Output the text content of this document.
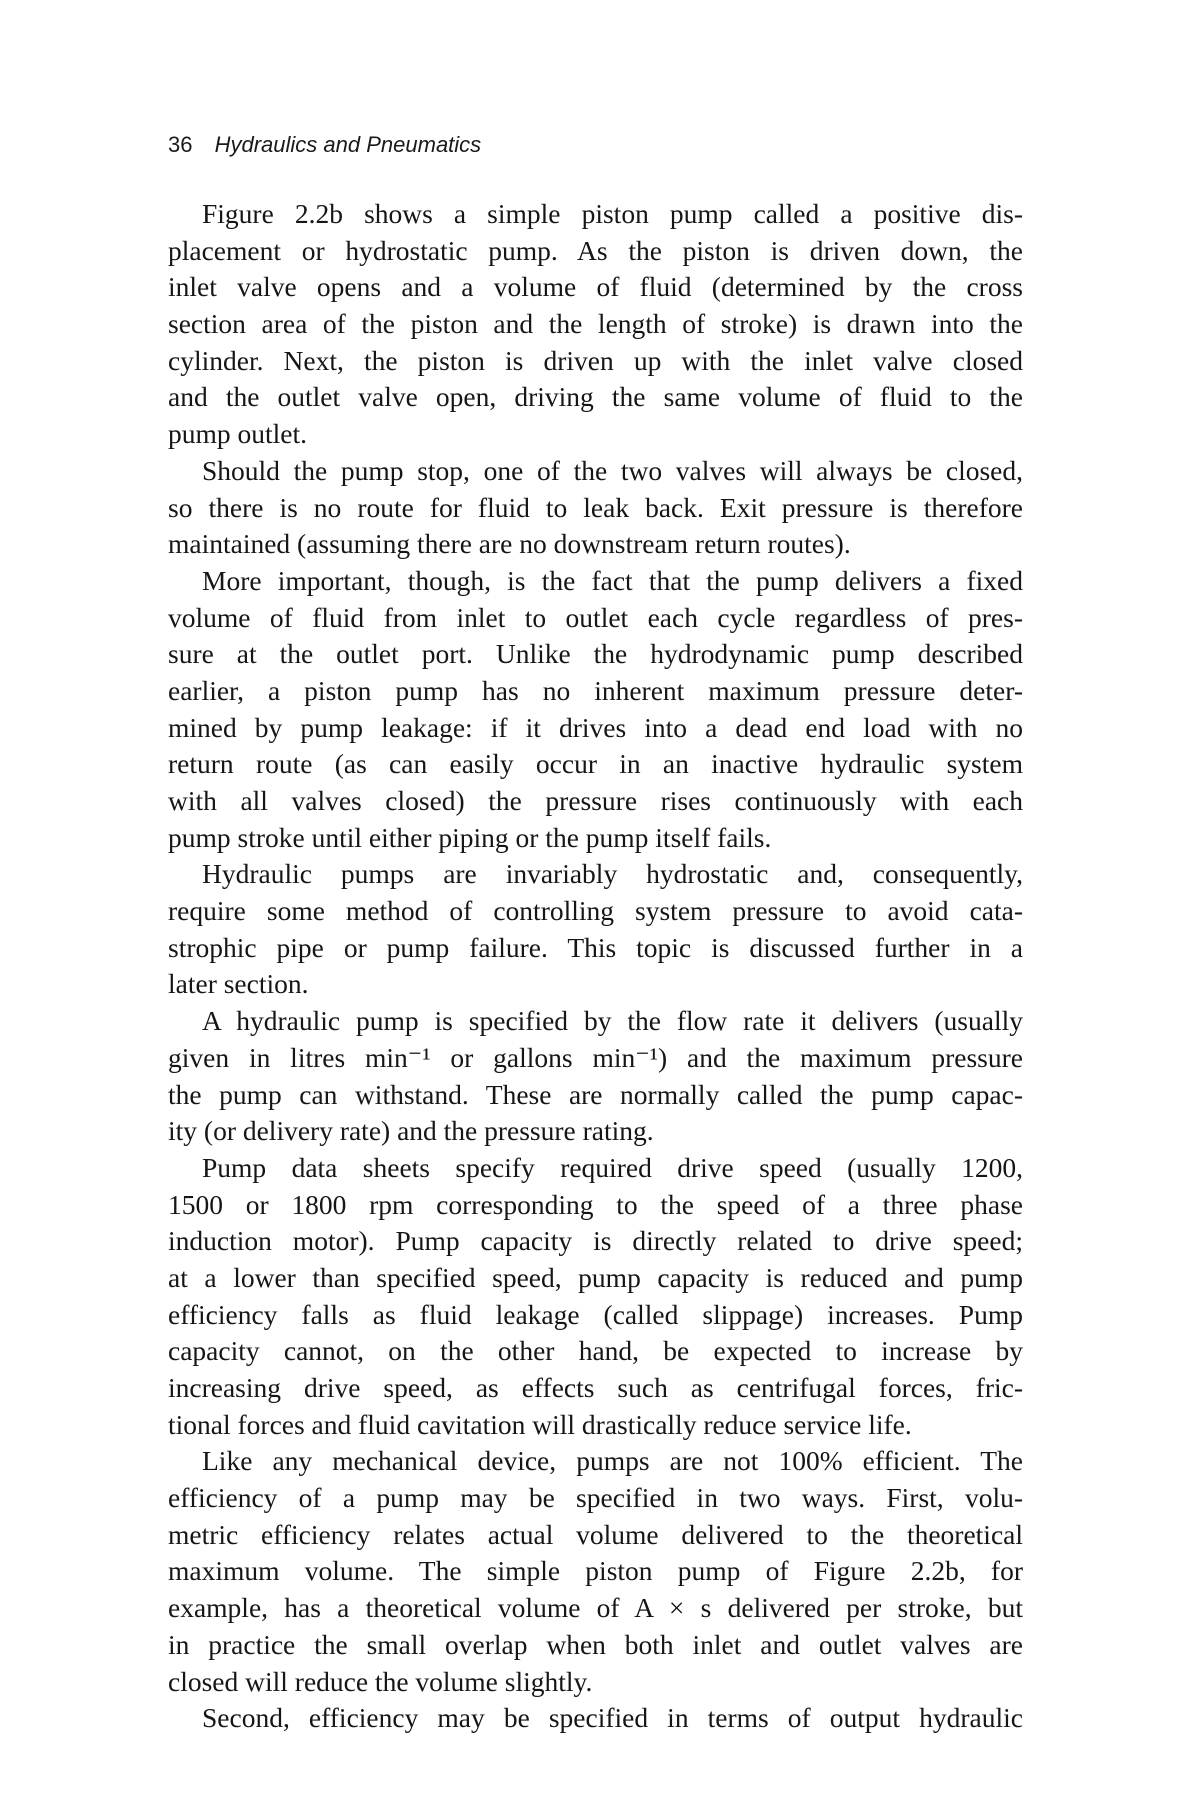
36 Hydraulics and Pneumatics
Figure 2.2b shows a simple piston pump called a positive dis-
placement or hydrostatic pump. As the piston is driven down, the
inlet valve opens and a volume of fluid (determined by the cross
section area of the piston and the length of stroke) is drawn into the
cylinder. Next, the piston is driven up with the inlet valve closed
and the outlet valve open, driving the same volume of fluid to the
pump outlet.
Should the pump stop, one of the two valves will always be closed,
so there is no route for fluid to leak back. Exit pressure is therefore
maintained (assuming there are no downstream return routes).
More important, though, is the fact that the pump delivers a fixed
volume of fluid from inlet to outlet each cycle regardless of pres-
sure at the outlet port. Unlike the hydrodynamic pump described
earlier, a piston pump has no inherent maximum pressure deter-
mined by pump leakage: if it drives into a dead end load with no
return route (as can easily occur in an inactive hydraulic system
with all valves closed) the pressure rises continuously with each
pump stroke until either piping or the pump itself fails.
Hydraulic pumps are invariably hydrostatic and, consequently,
require some method of controlling system pressure to avoid cata-
strophic pipe or pump failure. This topic is discussed further in a
later section.
A hydraulic pump is specified by the flow rate it delivers (usually
given in litres min⁻¹ or gallons min⁻¹) and the maximum pressure
the pump can withstand. These are normally called the pump capac-
ity (or delivery rate) and the pressure rating.
Pump data sheets specify required drive speed (usually 1200,
1500 or 1800 rpm corresponding to the speed of a three phase
induction motor). Pump capacity is directly related to drive speed;
at a lower than specified speed, pump capacity is reduced and pump
efficiency falls as fluid leakage (called slippage) increases. Pump
capacity cannot, on the other hand, be expected to increase by
increasing drive speed, as effects such as centrifugal forces, fric-
tional forces and fluid cavitation will drastically reduce service life.
Like any mechanical device, pumps are not 100% efficient. The
efficiency of a pump may be specified in two ways. First, volu-
metric efficiency relates actual volume delivered to the theoretical
maximum volume. The simple piston pump of Figure 2.2b, for
example, has a theoretical volume of A × s delivered per stroke, but
in practice the small overlap when both inlet and outlet valves are
closed will reduce the volume slightly.
Second, efficiency may be specified in terms of output hydraulic
